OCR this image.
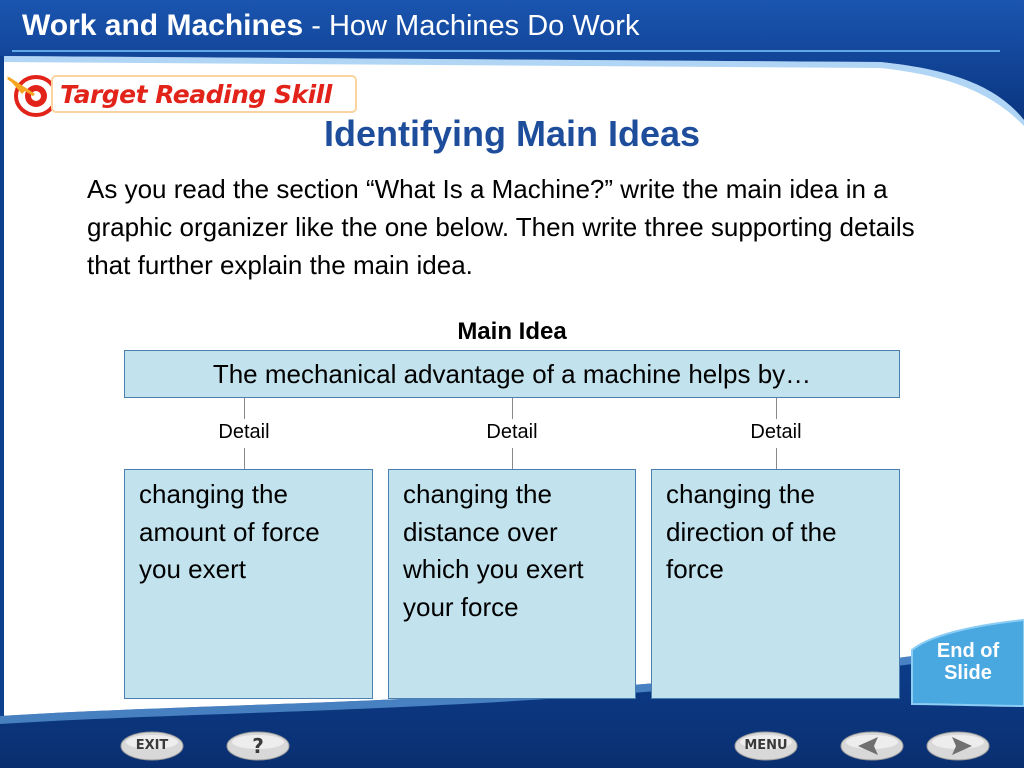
Work and Machines - How Machines Do Work
Target Reading Skill
Identifying Main Ideas
As you read the section “What Is a Machine?” write the main idea in a graphic organizer like the one below. Then write three supporting details that further explain the main idea.
Main Idea
The mechanical advantage of a machine helps by…
Detail	Detail	Detail
changing the amount of force you exert
changing the distance over which you exert your force
changing the direction of the force
End of Slide
EXIT	?	MENU
